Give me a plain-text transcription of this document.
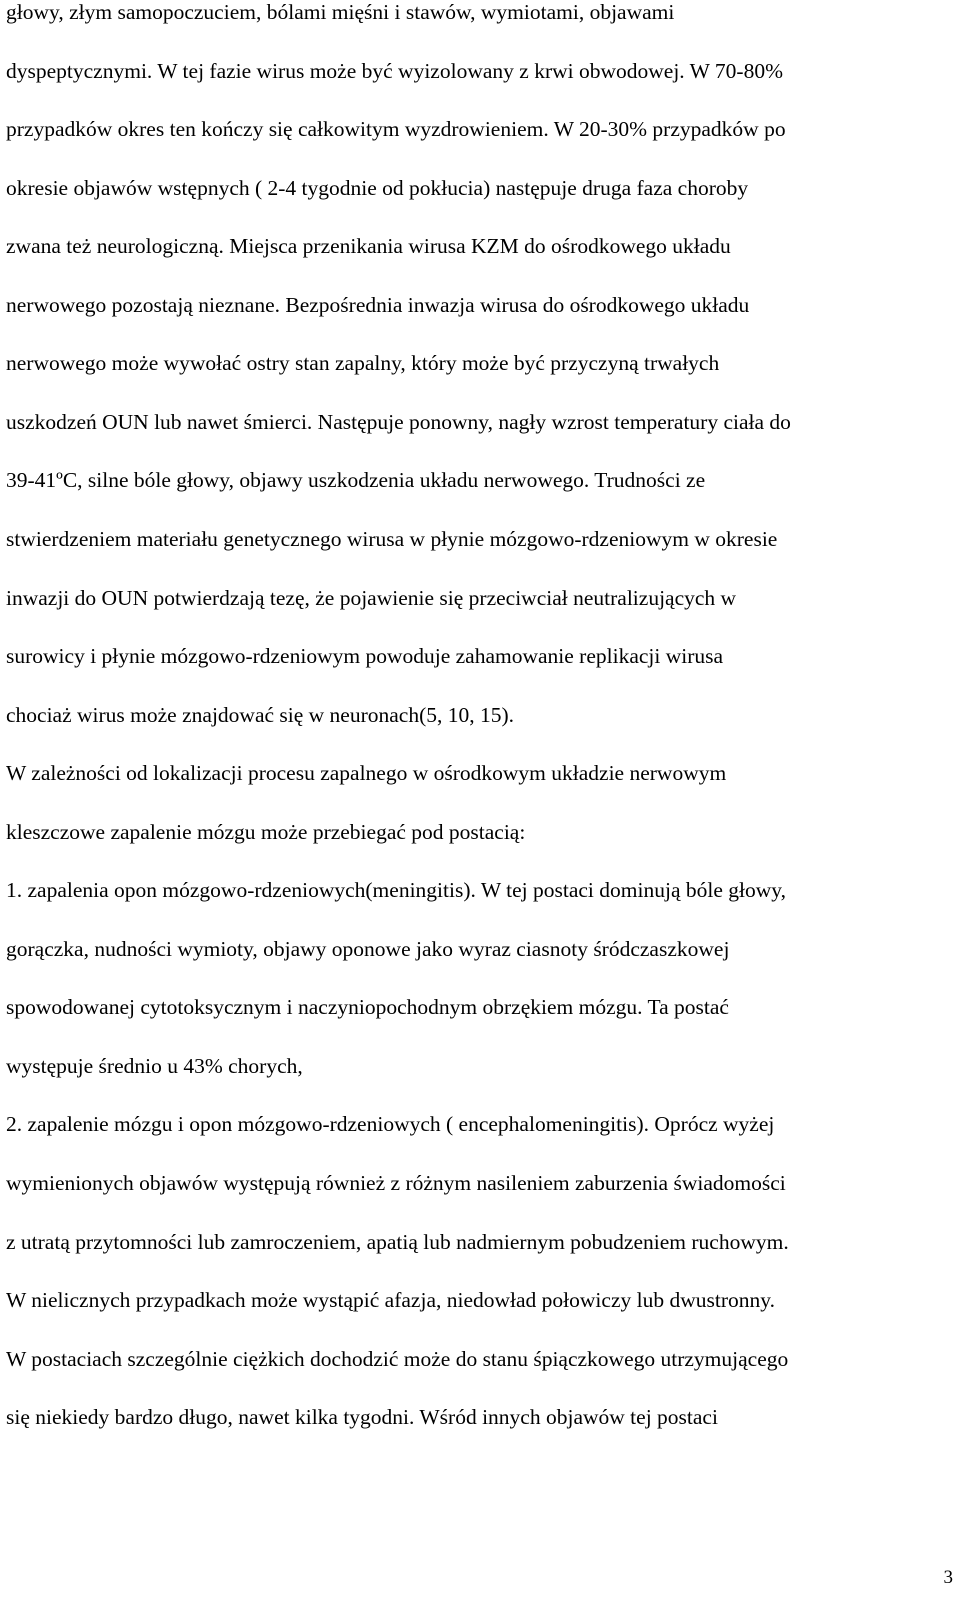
głowy, złym samopoczuciem, bólami mięśni i stawów, wymiotami, objawami
dyspeptycznymi. W tej fazie wirus może być wyizolowany z krwi obwodowej. W 70-80%
przypadków okres ten kończy się całkowitym wyzdrowieniem. W 20-30% przypadków po
okresie objawów wstępnych ( 2-4 tygodnie od pokłucia) następuje druga faza choroby
zwana też neurologiczną. Miejsca przenikania wirusa KZM do ośrodkowego układu
nerwowego pozostają nieznane. Bezpośrednia inwazja wirusa do ośrodkowego układu
nerwowego może wywołać ostry stan zapalny, który może być przyczyną trwałych
uszkodzeń OUN lub nawet śmierci. Następuje ponowny, nagły wzrost temperatury ciała do
39-41ºC, silne bóle głowy, objawy uszkodzenia układu nerwowego. Trudności ze
stwierdzeniem materiału genetycznego wirusa w płynie mózgowo-rdzeniowym w okresie
inwazji do OUN potwierdzają tezę, że pojawienie się przeciwciał neutralizujących w
surowicy i płynie mózgowo-rdzeniowym powoduje zahamowanie replikacji wirusa
chociaż wirus może znajdować się w neuronach(5, 10, 15).
W zależności od lokalizacji procesu zapalnego w ośrodkowym układzie nerwowym
kleszczowe zapalenie mózgu może przebiegać pod postacią:
1. zapalenia opon mózgowo-rdzeniowych(meningitis). W tej postaci dominują bóle głowy,
gorączka, nudności wymioty, objawy oponowe jako wyraz ciasnoty śródczaszkowej
spowodowanej cytotoksycznym i naczyniopochodnym obrzękiem mózgu. Ta postać
występuje średnio u 43% chorych,
2. zapalenie mózgu i opon mózgowo-rdzeniowych ( encephalomeningitis). Oprócz wyżej
wymienionych objawów występują również z różnym nasileniem zaburzenia świadomości
z utratą przytomności lub zamroczeniem, apatią lub nadmiernym pobudzeniem ruchowym.
W nielicznych przypadkach może wystąpić afazja, niedowład połowiczy lub dwustronny.
W postaciach szczególnie ciężkich dochodzić może do stanu śpiączkowego utrzymującego
się niekiedy bardzo długo, nawet kilka tygodni. Wśród innych objawów tej postaci
3
